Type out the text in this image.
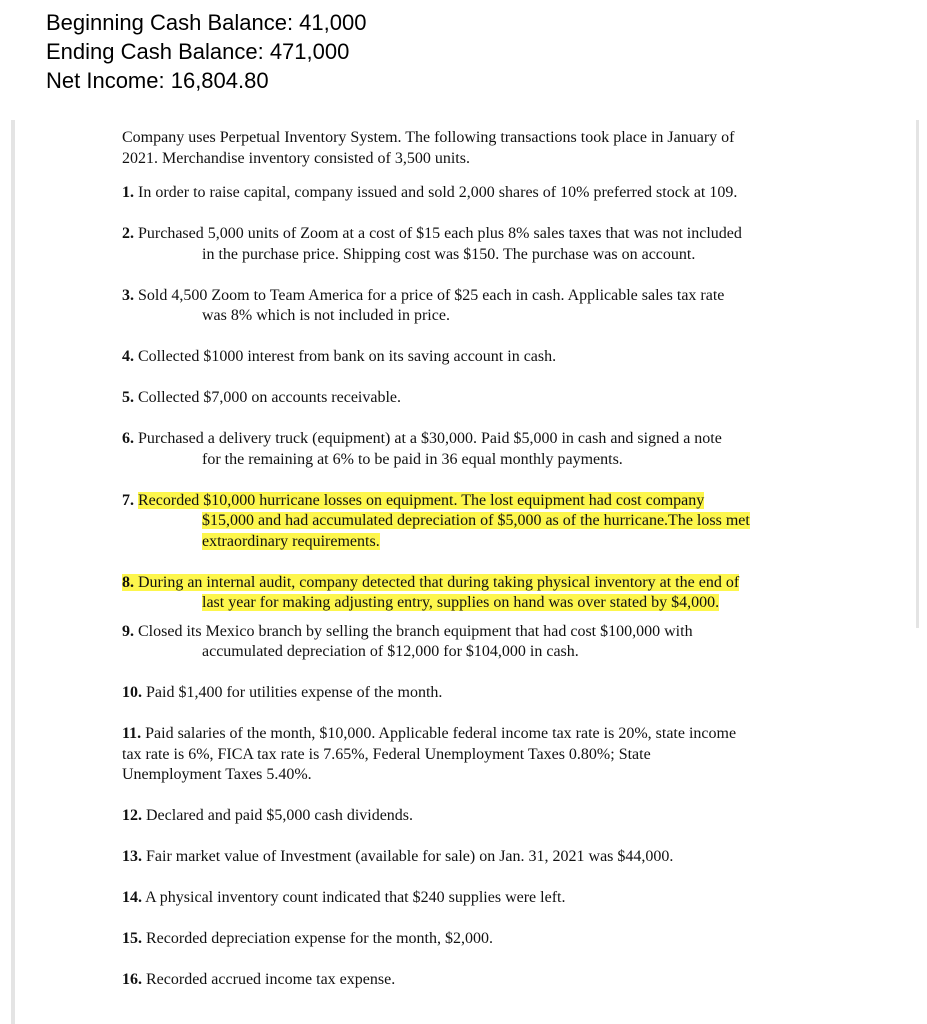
Beginning Cash Balance: 41,000
Ending Cash Balance: 471,000
Net Income: 16,804.80
Company uses Perpetual Inventory System. The following transactions took place in January of
2021. Merchandise inventory consisted of 3,500 units.
1. In order to raise capital, company issued and sold 2,000 shares of 10% preferred stock at 109.
2. Purchased 5,000 units of Zoom at a cost of $15 each plus 8% sales taxes that was not included
in the purchase price. Shipping cost was $150. The purchase was on account.
3. Sold 4,500 Zoom to Team America for a price of $25 each in cash. Applicable sales tax rate
was 8% which is not included in price.
4. Collected $1000 interest from bank on its saving account in cash.
5. Collected $7,000 on accounts receivable.
6. Purchased a delivery truck (equipment) at a $30,000. Paid $5,000 in cash and signed a note
for the remaining at 6% to be paid in 36 equal monthly payments.
7. Recorded $10,000 hurricane losses on equipment. The lost equipment had cost company
$15,000 and had accumulated depreciation of $5,000 as of the hurricane.The loss met
extraordinary requirements.
8. During an internal audit, company detected that during taking physical inventory at the end of
last year for making adjusting entry, supplies on hand was over stated by $4,000.
9. Closed its Mexico branch by selling the branch equipment that had cost $100,000 with
accumulated depreciation of $12,000 for $104,000 in cash.
10. Paid $1,400 for utilities expense of the month.
11. Paid salaries of the month, $10,000. Applicable federal income tax rate is 20%, state income
tax rate is 6%, FICA tax rate is 7.65%, Federal Unemployment Taxes 0.80%; State
Unemployment Taxes 5.40%.
12. Declared and paid $5,000 cash dividends.
13. Fair market value of Investment (available for sale) on Jan. 31, 2021 was $44,000.
14. A physical inventory count indicated that $240 supplies were left.
15. Recorded depreciation expense for the month, $2,000.
16. Recorded accrued income tax expense.
